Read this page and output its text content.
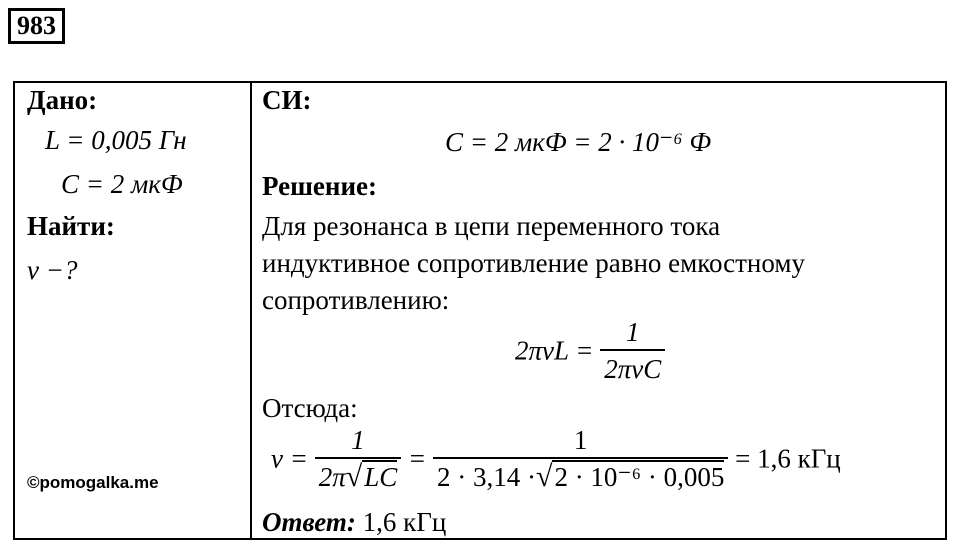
983
Дано:
L = 0,005 Гн
C = 2 мкФ
Найти:
ν −?
©pomogalka.me
СИ:
C = 2 мкФ = 2 · 10⁻⁶ Ф
Решение:
Для резонанса в цепи переменного тока
индуктивное сопротивление равно емкостному
сопротивлению:
$2\pi\nu L = \frac{1}{\text{2πνC}}$
Отсюда:
$\nu = \frac{1}{2\pi√LC} = \frac{1}{\text{2 · 3,14 ·√2 · 10⁻⁶ · 0,005}} = 1,6$ кГц
Ответ: 1,6 кГц
